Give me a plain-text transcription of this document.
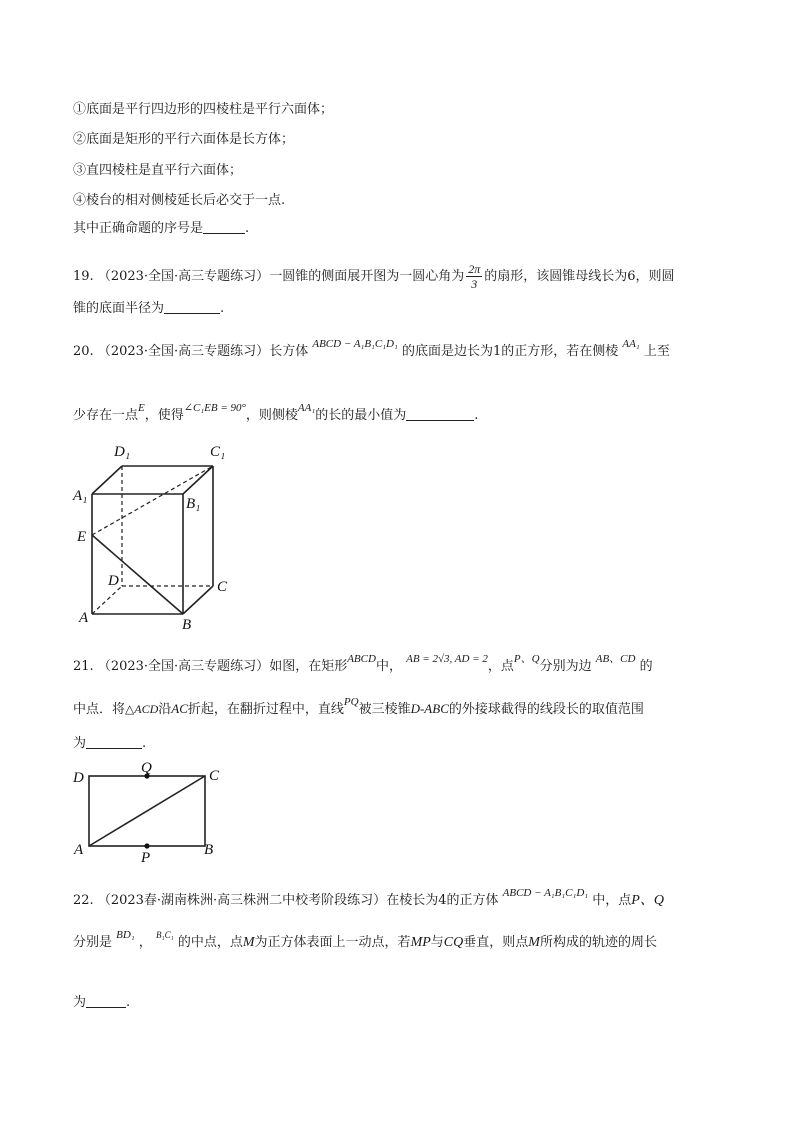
①底面是平行四边形的四棱柱是平行六面体；
②底面是矩形的平行六面体是长方体；
③直四棱柱是直平行六面体；
④棱台的相对侧棱延长后必交于一点.
其中正确命题的序号是	.
19. （2023·全国·高三专题练习）一圆锥的侧面展开图为一圆心角为 $\frac{2\pi}{3}$ 的扇形，该圆锥母线长为6，则圆
锥的底面半径为	.
20. （2023·全国·高三专题练习）长方体 $^{ABCD - A_1B_1C_1D_1}$ 的底面是边长为1的正方形，若在侧棱 $^{AA_1}$ 上至
少存在一点$^E$，使得$^{\angle C_1EB = 90^\circ}$，则侧棱$^{AA_1}$的长的最小值为	.
D₁	C₁
A₁	B₁
E
D	C
A	B
21. （2023·全国·高三专题练习）如图，在矩形$^{ABCD}$中， $^{AB = 2√3, AD = 2}$，点$^{P、Q}$分别为边 $^{AB、CD}$ 的
中点．将△ACD沿AC折起，在翻折过程中，直线$^{PQ}$被三棱锥D-ABC的外接球截得的线段长的取值范围
为	.
D
Q	C
A	P	B
22. （2023春·湖南株洲·高三株洲二中校考阶段练习）在棱长为4的正方体 $^{ABCD - A_1B_1C_1D_1}$ 中，点P、Q
分别是 $^{BD_1}$ ， $^{B_1C_1}$ 的中点，点M为正方体表面上一动点，若MP与CQ垂直，则点M所构成的轨迹的周长
为	.
